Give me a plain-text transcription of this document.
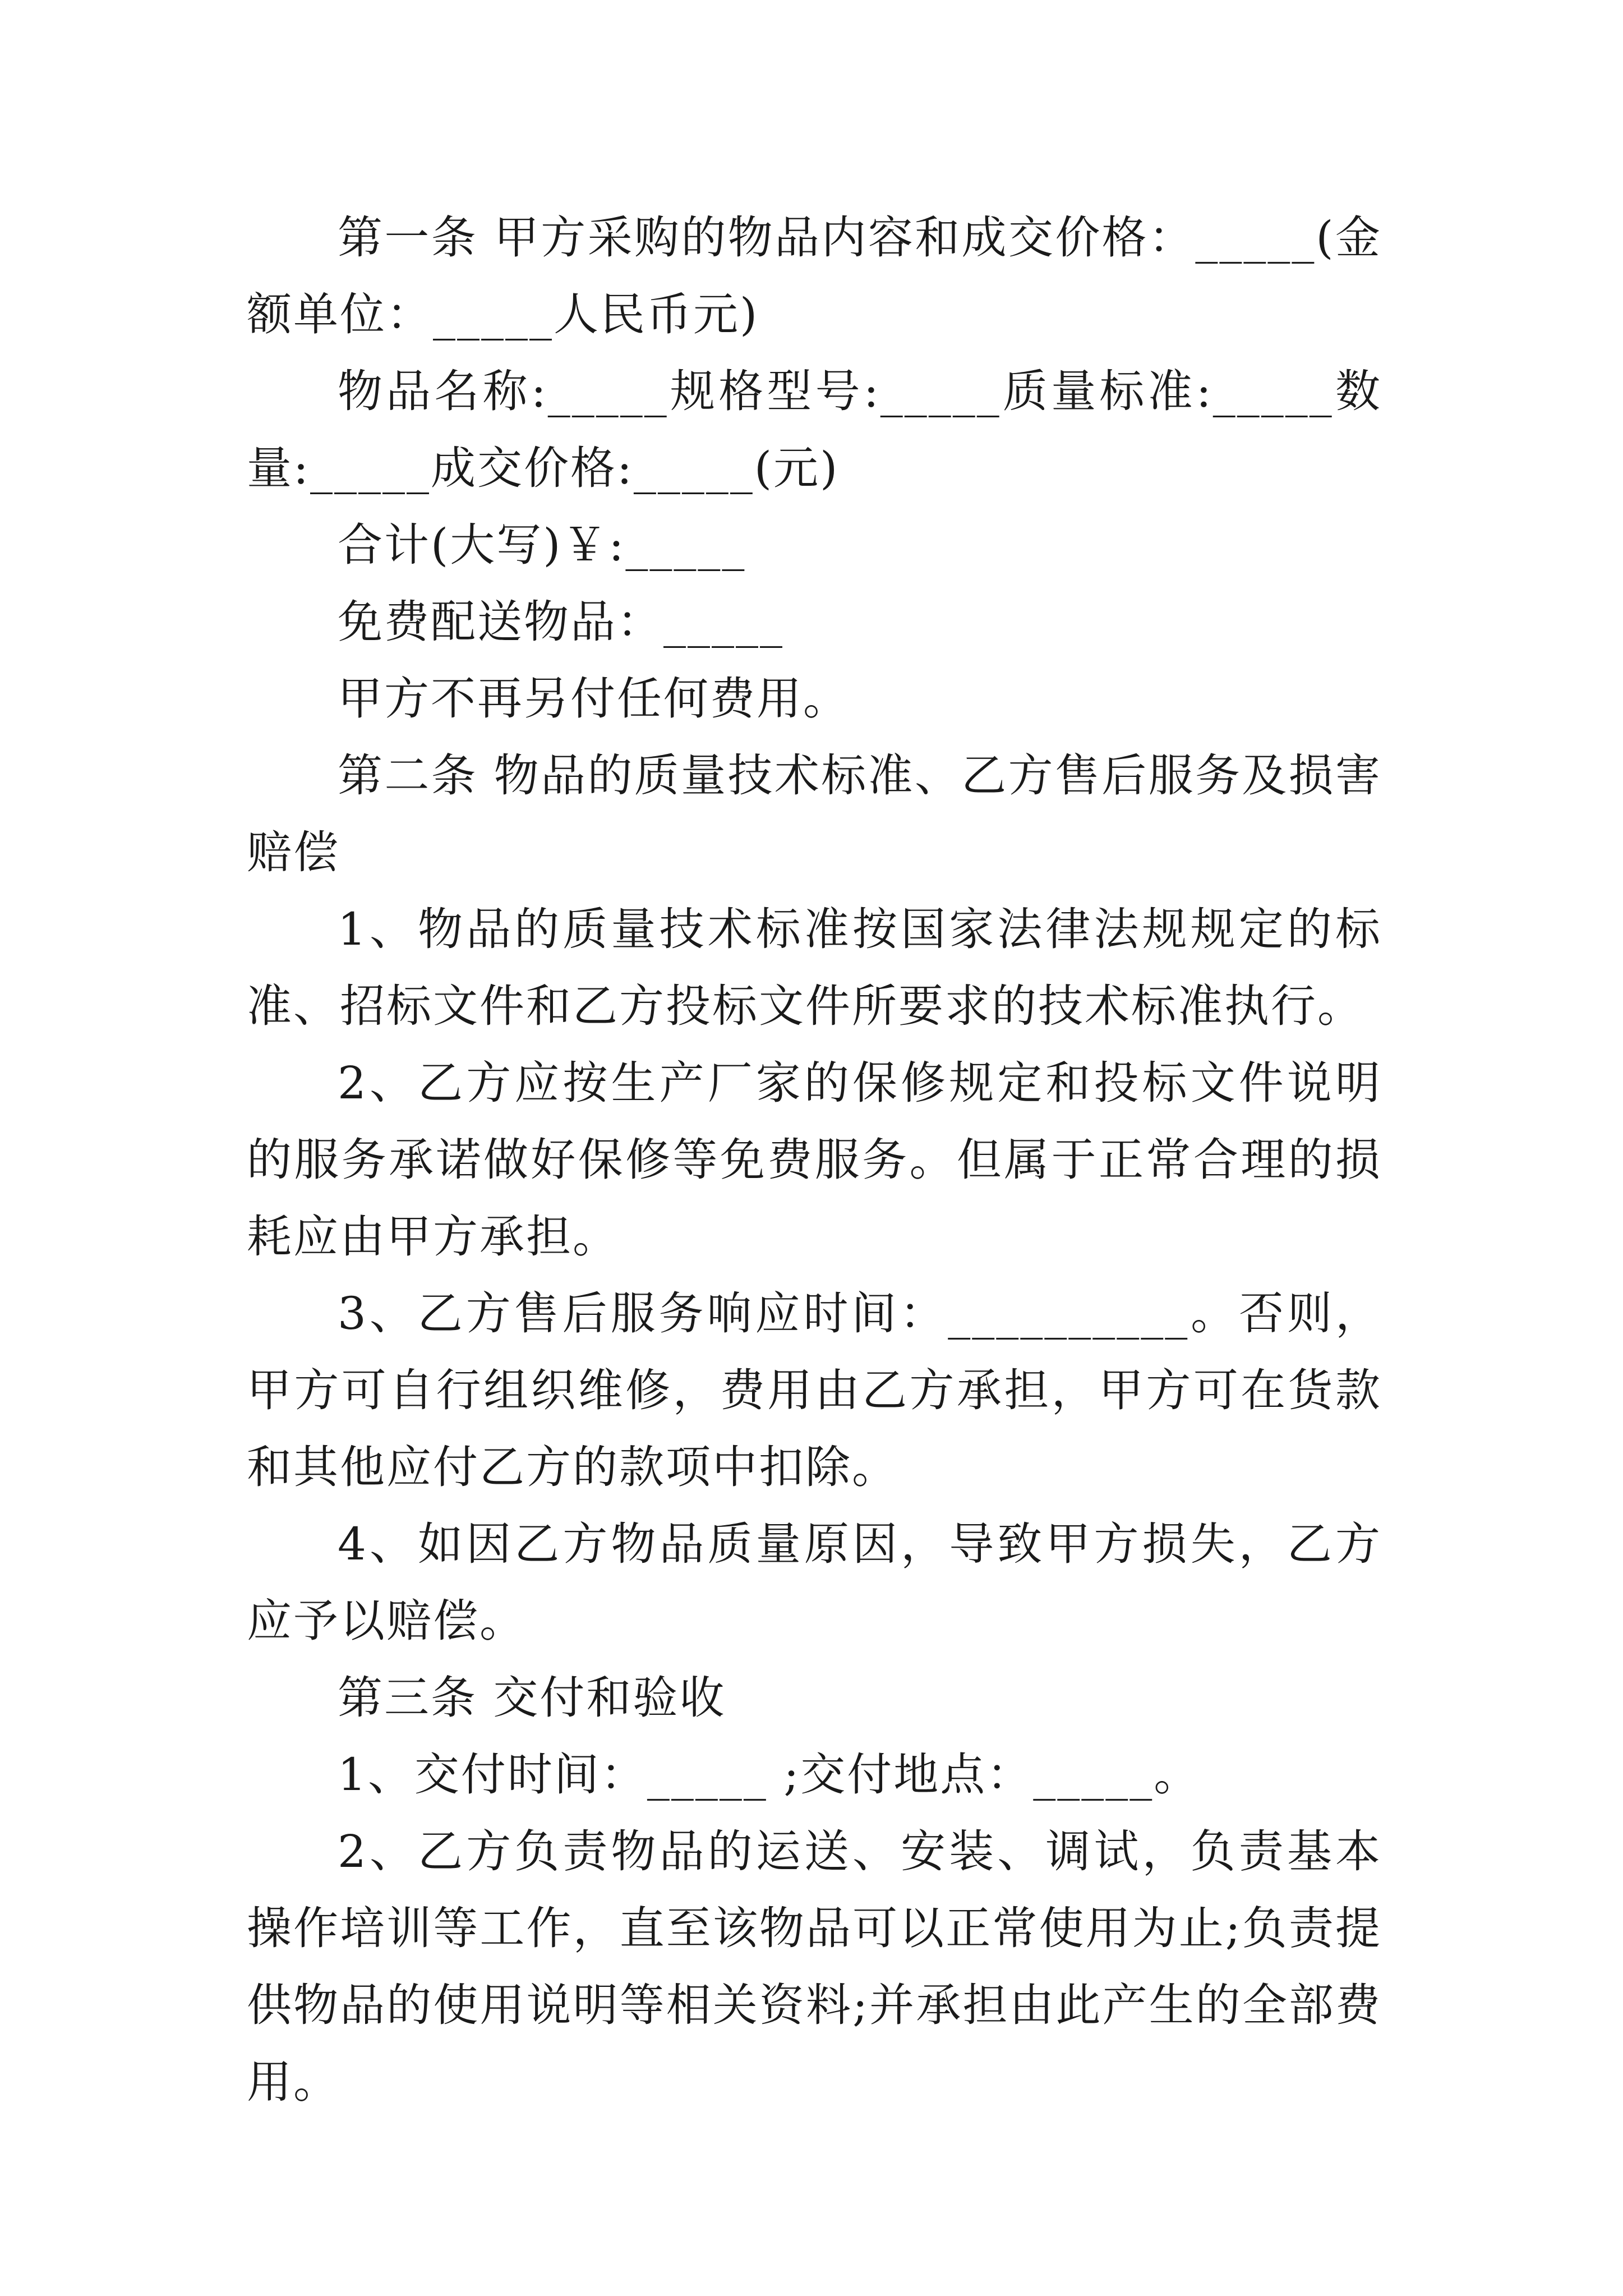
第一条 甲方采购的物品内容和成交价格：_____(金额单位：_____人民币元)

物品名称:_____规格型号:_____质量标准:_____数量:_____成交价格:_____(元)

合计(大写)￥:_____

免费配送物品：_____

甲方不再另付任何费用。

第二条 物品的质量技术标准、乙方售后服务及损害赔偿

1、物品的质量技术标准按国家法律法规规定的标准、招标文件和乙方投标文件所要求的技术标准执行。

2、乙方应按生产厂家的保修规定和投标文件说明的服务承诺做好保修等免费服务。但属于正常合理的损耗应由甲方承担。

3、乙方售后服务响应时间：__________。否则，甲方可自行组织维修，费用由乙方承担，甲方可在货款和其他应付乙方的款项中扣除。

4、如因乙方物品质量原因，导致甲方损失，乙方应予以赔偿。

第三条 交付和验收

1、交付时间：_____ ;交付地点：_____。

2、乙方负责物品的运送、安装、调试，负责基本操作培训等工作，直至该物品可以正常使用为止;负责提供物品的使用说明等相关资料;并承担由此产生的全部费用。
